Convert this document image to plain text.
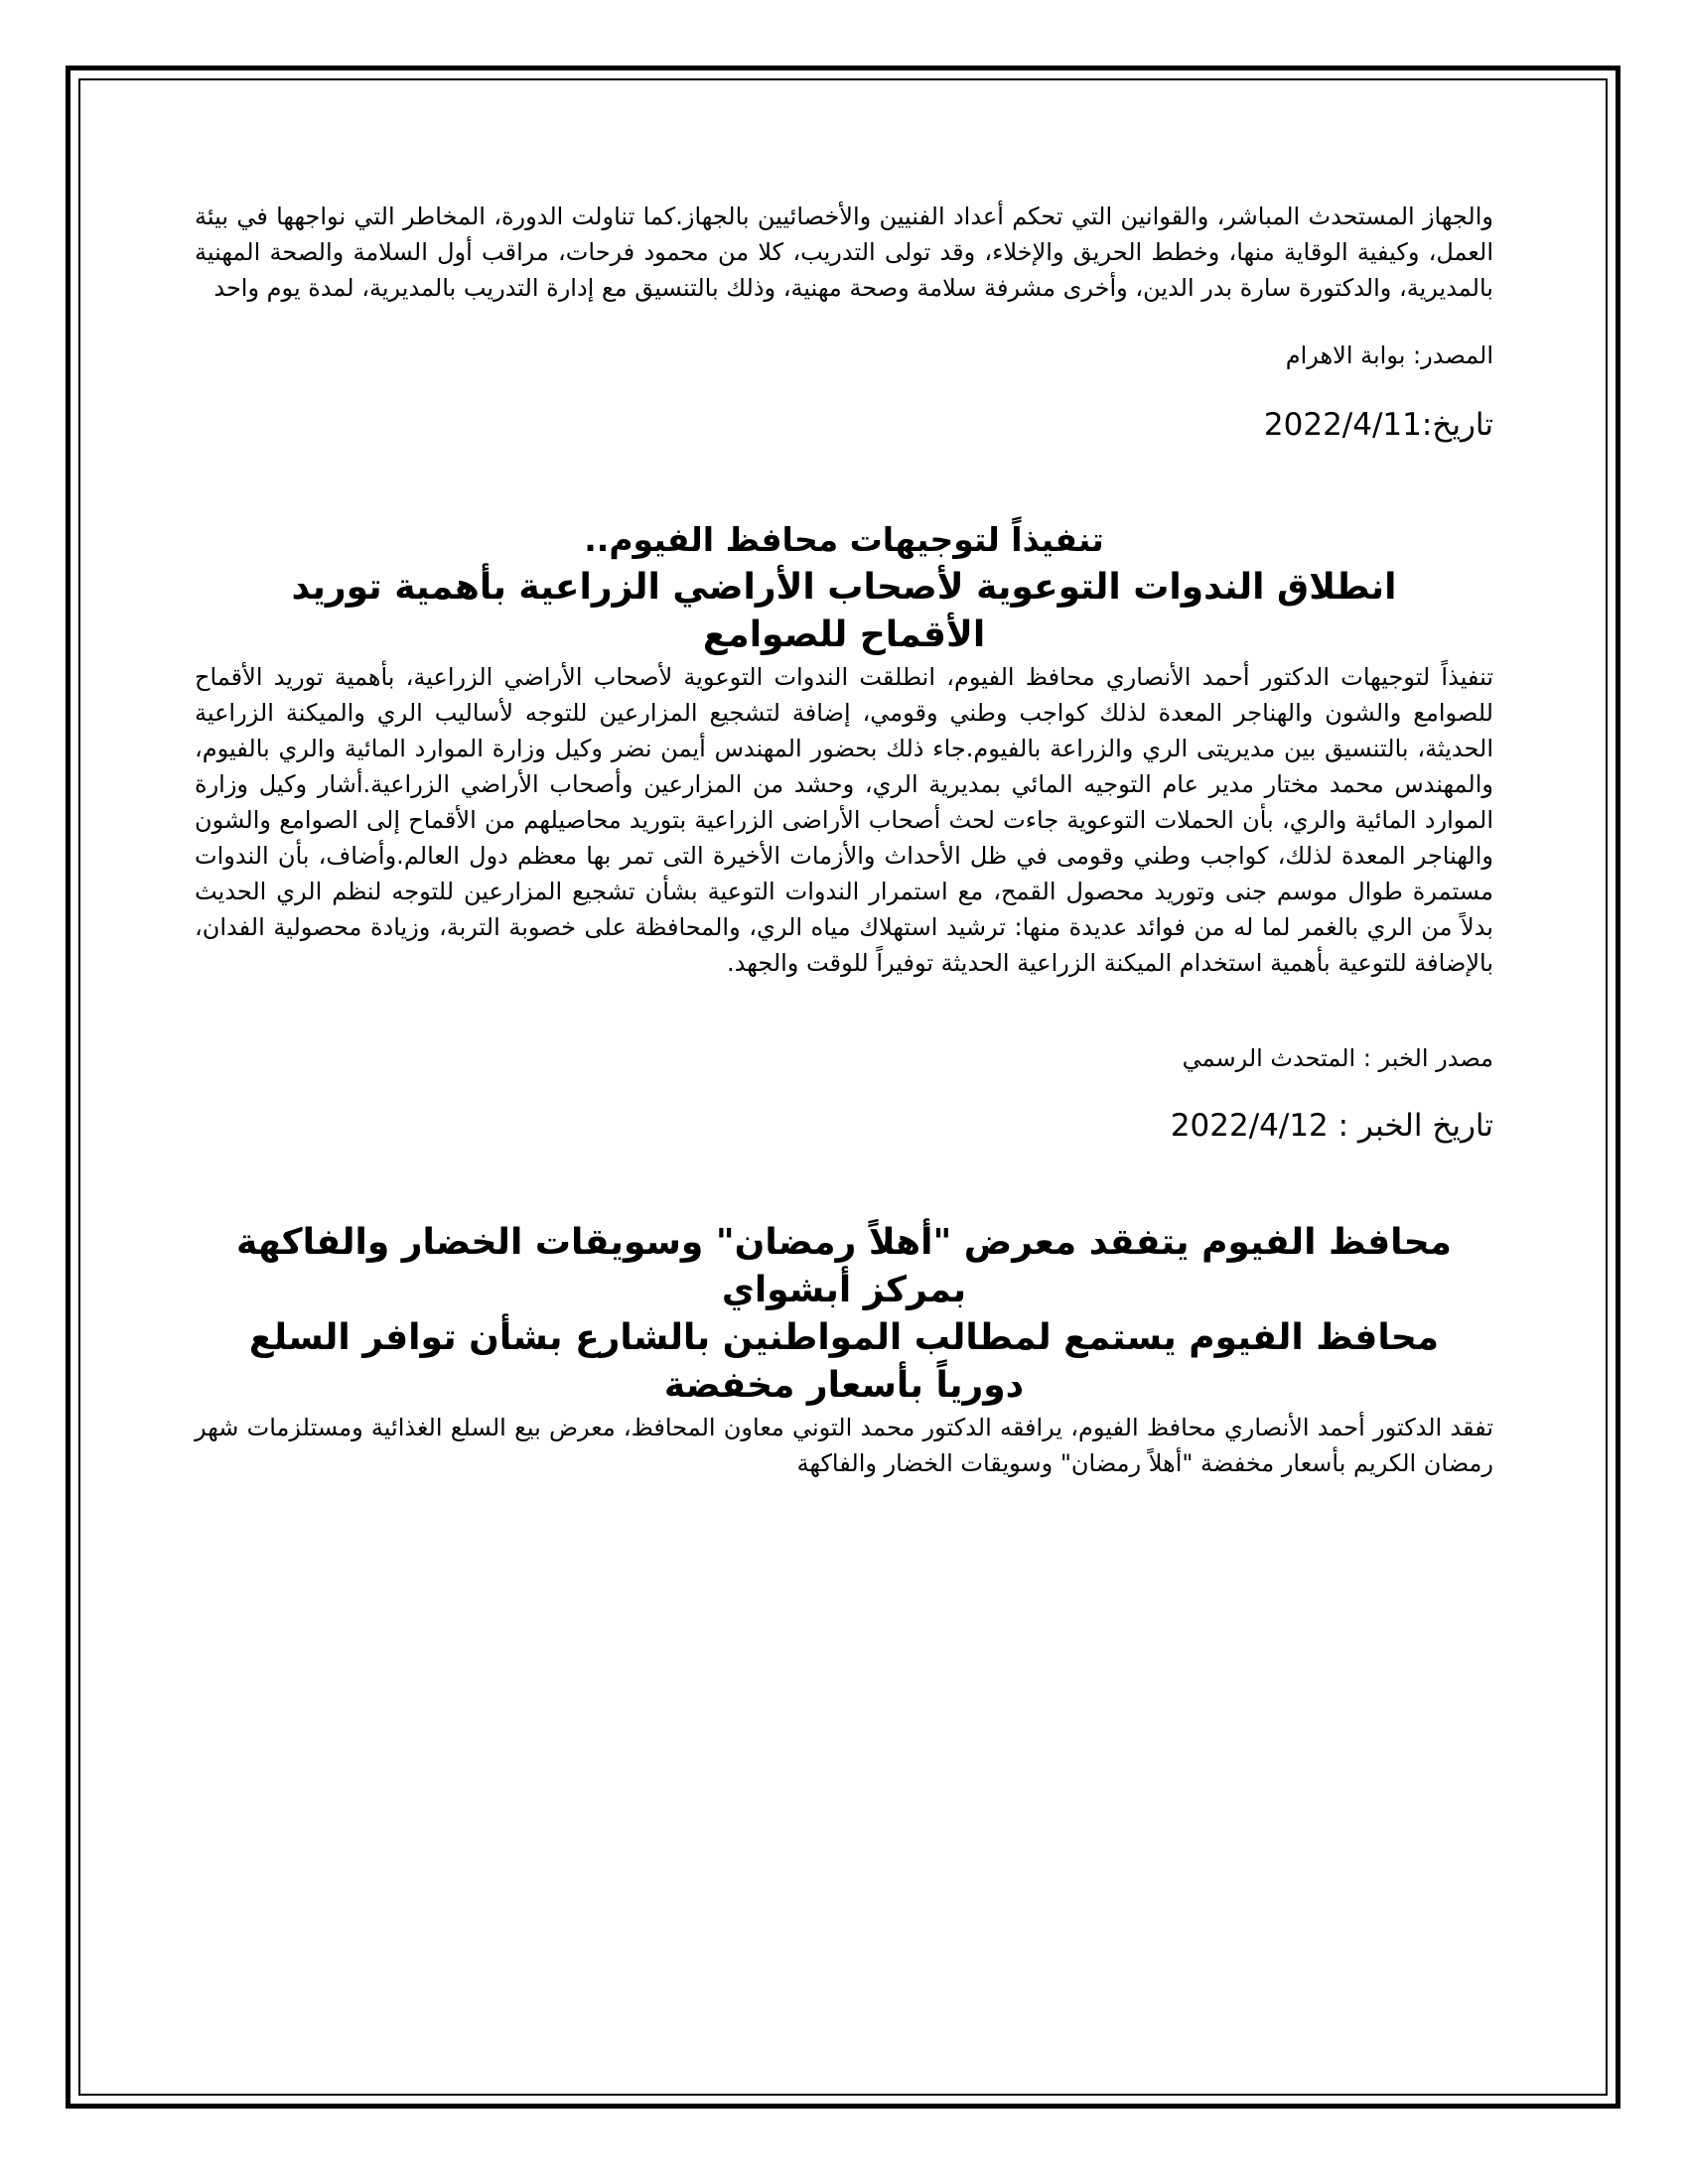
والجهاز المستحدث المباشر، والقوانين التي تحكم أعداد الفنيين والأخصائيين بالجهاز.كما تناولت الدورة، المخاطر التي نواجهها في بيئة العمل، وكيفية الوقاية منها، وخطط الحريق والإخلاء، وقد تولى التدريب، كلا من محمود فرحات، مراقب أول السلامة والصحة المهنية بالمديرية، والدكتورة سارة بدر الدين، وأخرى مشرفة سلامة وصحة مهنية، وذلك بالتنسيق مع إدارة التدريب بالمديرية، لمدة يوم واحد

المصدر: بوابة الاهرام

تاريخ:2022/4/11

تنفيذاً لتوجيهات محافظ الفيوم..
انطلاق الندوات التوعوية لأصحاب الأراضي الزراعية بأهمية توريد الأقماح للصوامع

تنفيذاً لتوجيهات الدكتور أحمد الأنصاري محافظ الفيوم، انطلقت الندوات التوعوية لأصحاب الأراضي الزراعية، بأهمية توريد الأقماح للصوامع والشون والهناجر المعدة لذلك كواجب وطني وقومي، إضافة لتشجيع المزارعين للتوجه لأساليب الري والميكنة الزراعية الحديثة، بالتنسيق بين مديريتى الري والزراعة بالفيوم.جاء ذلك بحضور المهندس أيمن نضر وكيل وزارة الموارد المائية والري بالفيوم، والمهندس محمد مختار مدير عام التوجيه المائي بمديرية الري، وحشد من المزارعين وأصحاب الأراضي الزراعية.أشار وكيل وزارة الموارد المائية والري، بأن الحملات التوعوية جاءت لحث أصحاب الأراضى الزراعية بتوريد محاصيلهم من الأقماح إلى الصوامع والشون والهناجر المعدة لذلك، كواجب وطني وقومى في ظل الأحداث والأزمات الأخيرة التى تمر بها معظم دول العالم.وأضاف، بأن الندوات مستمرة طوال موسم جنى وتوريد محصول القمح، مع استمرار الندوات التوعية بشأن تشجيع المزارعين للتوجه لنظم الري الحديث بدلاً من الري بالغمر لما له من فوائد عديدة منها: ترشيد استهلاك مياه الري، والمحافظة على خصوبة التربة، وزيادة محصولية الفدان، بالإضافة للتوعية بأهمية استخدام الميكنة الزراعية الحديثة توفيراً للوقت والجهد.

مصدر الخبر : المتحدث الرسمي

تاريخ الخبر : 2022/4/12

محافظ الفيوم يتفقد معرض "أهلاً رمضان" وسويقات الخضار والفاكهة بمركز أبشواي
محافظ الفيوم يستمع لمطالب المواطنين بالشارع بشأن توافر السلع دورياً بأسعار مخفضة

تفقد الدكتور أحمد الأنصاري محافظ الفيوم، يرافقه الدكتور محمد التوني معاون المحافظ، معرض بيع السلع الغذائية ومستلزمات شهر رمضان الكريم بأسعار مخفضة "أهلاً رمضان" وسويقات الخضار والفاكهة
